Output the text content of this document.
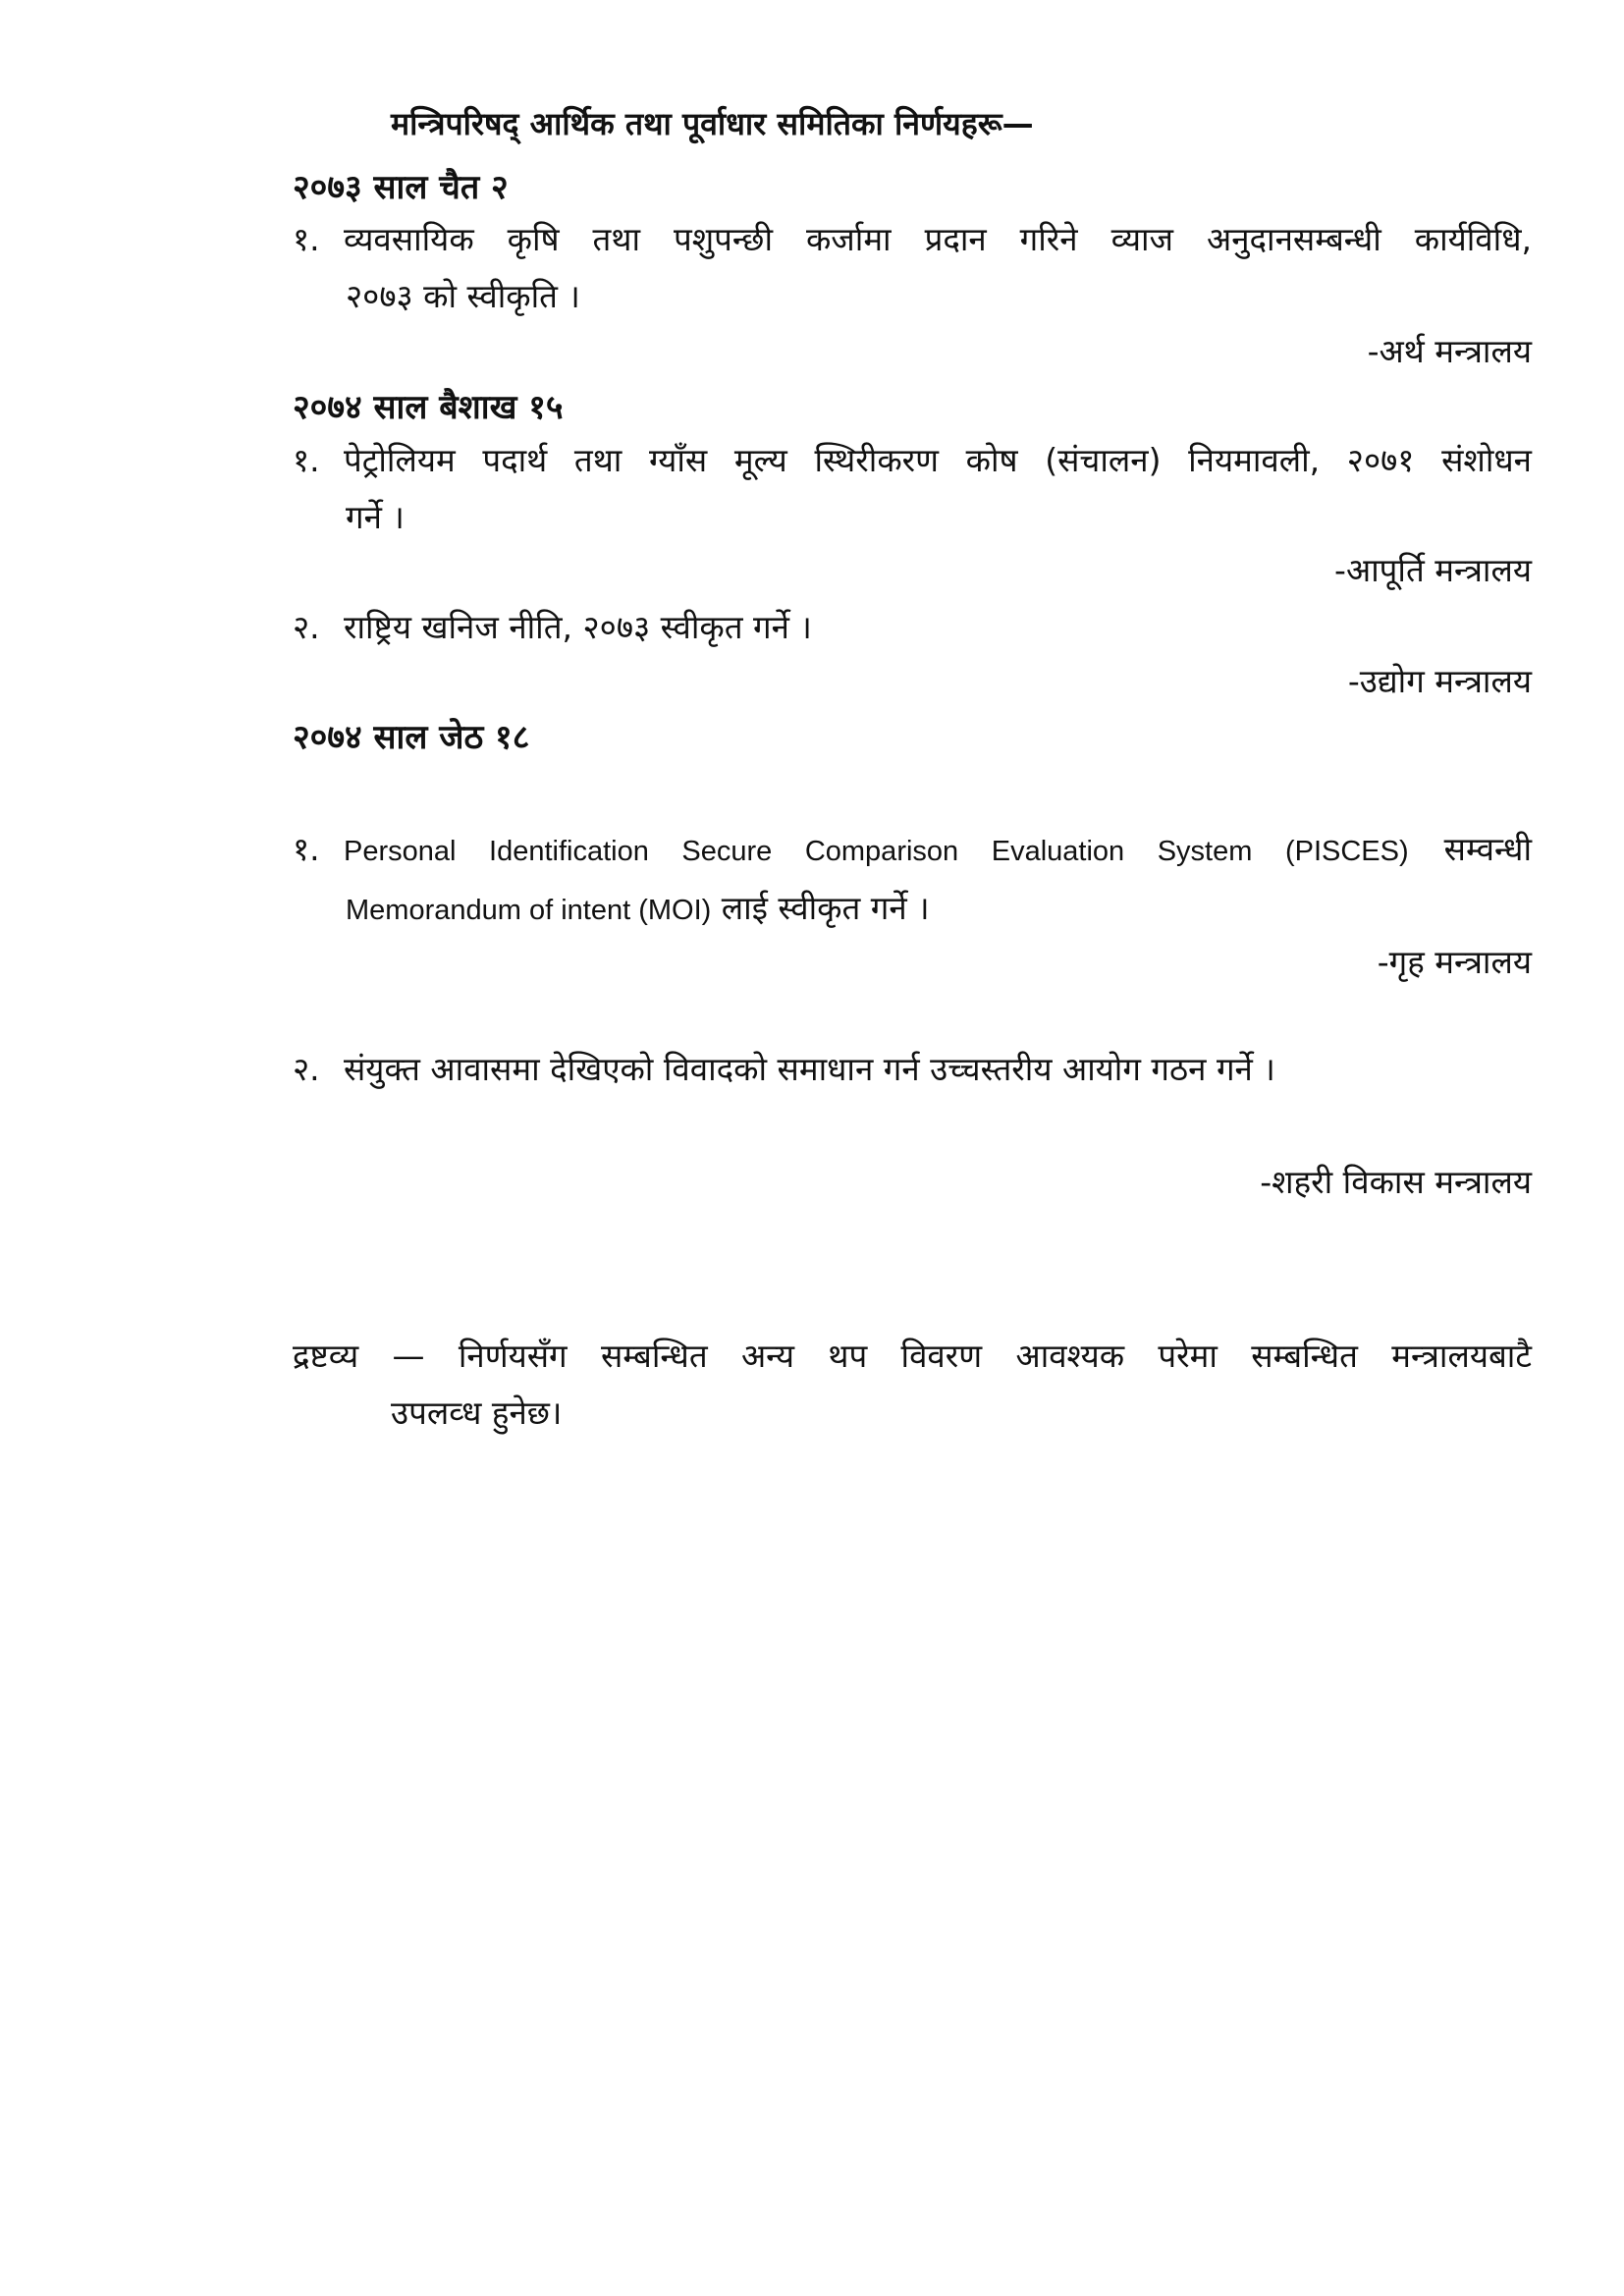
मन्त्रिपरिषद् आर्थिक तथा पूर्वाधार समितिका निर्णयहरू—
२०७३ साल चैत २
१. व्यवसायिक कृषि तथा पशुपन्छी कर्जामा प्रदान गरिने व्याज अनुदानसम्बन्धी कार्यविधि,
२०७३ को स्वीकृति ।
-अर्थ मन्त्रालय
२०७४ साल बैशाख १५
१. पेट्रोलियम पदार्थ तथा ग्याँस मूल्य स्थिरीकरण कोष (संचालन) नियमावली, २०७१ संशोधन
गर्ने ।
-आपूर्ति मन्त्रालय
२. राष्ट्रिय खनिज नीति, २०७३ स्वीकृत गर्ने ।
-उद्योग मन्त्रालय
२०७४ साल जेठ १८
१. Personal Identification Secure Comparison Evaluation System (PISCES) सम्वन्धी
Memorandum of intent (MOI) लाई स्वीकृत गर्ने ।
-गृह मन्त्रालय
२. संयुक्त आवासमा देखिएको विवादको समाधान गर्न उच्चस्तरीय आयोग गठन गर्ने ।
-शहरी विकास मन्त्रालय
द्रष्टव्य — निर्णयसँग सम्बन्धित अन्य थप विवरण आवश्यक परेमा सम्बन्धित मन्त्रालयबाटै
उपलव्ध हुनेछ।
